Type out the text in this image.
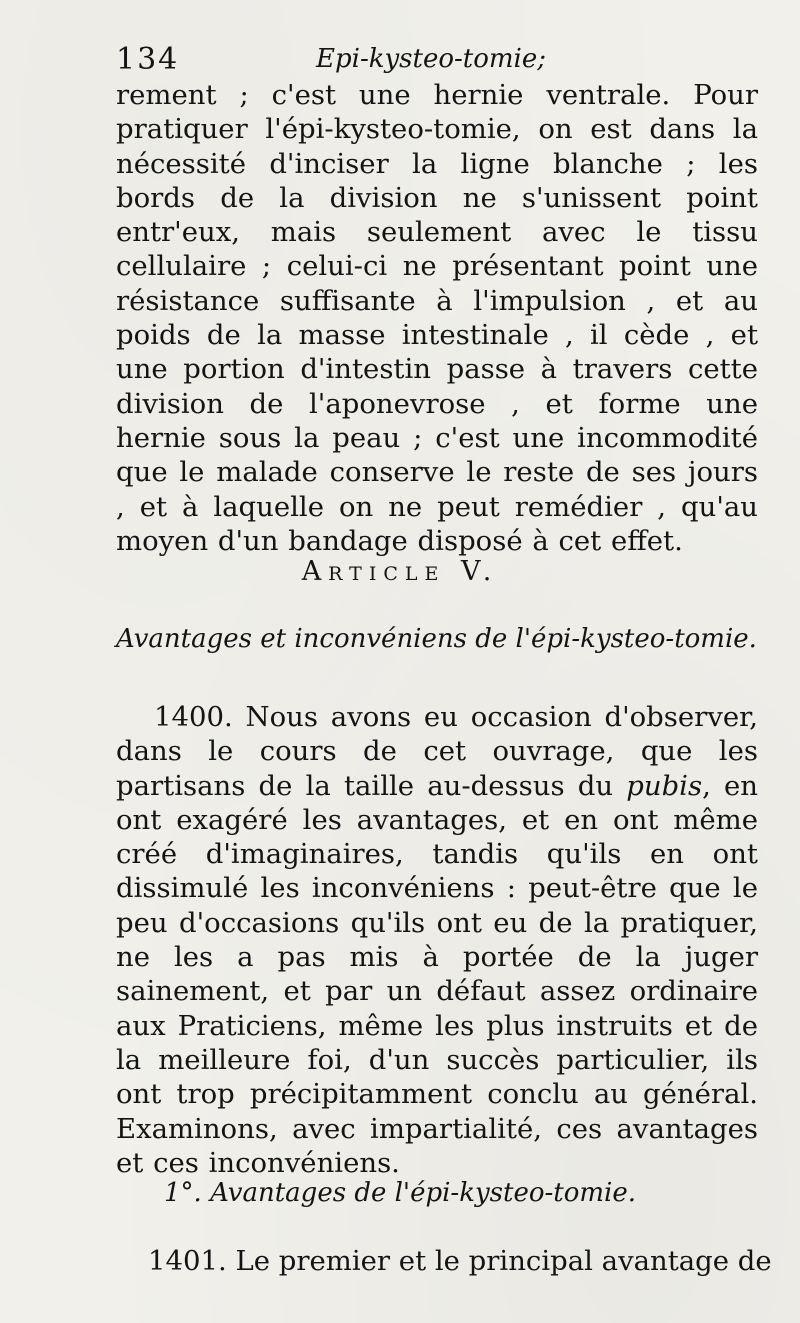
134	Epi-kysteo-tomie;

rement ; c'est une hernie ventrale. Pour pratiquer l'épi-kysteo-tomie, on est dans la nécessité d'inciser la ligne blanche ; les bords de la division ne s'unissent point entr'eux, mais seulement avec le tissu cellulaire ; celui-ci ne présentant point une résistance suffisante à l'impulsion , et au poids de la masse intestinale , il cède , et une portion d'intestin passe à travers cette division de l'aponevrose , et forme une hernie sous la peau ; c'est une incommodité que le malade conserve le reste de ses jours , et à laquelle on ne peut remédier , qu'au moyen d'un bandage disposé à cet effet.

Article V.
Avantages et inconvéniens de l'épi-kysteo-tomie.

1400. Nous avons eu occasion d'observer, dans le cours de cet ouvrage, que les partisans de la taille au-dessus du pubis, en ont exagéré les avantages, et en ont même créé d'imaginaires, tandis qu'ils en ont dissimulé les inconvéniens : peut-être que le peu d'occasions qu'ils ont eu de la pratiquer, ne les a pas mis à portée de la juger sainement, et par un défaut assez ordinaire aux Praticiens, même les plus instruits et de la meilleure foi, d'un succès particulier, ils ont trop précipitamment conclu au général. Examinons, avec impartialité, ces avantages et ces inconvéniens.

1°. Avantages de l'épi-kysteo-tomie.
1401. Le premier et le principal avantage de
